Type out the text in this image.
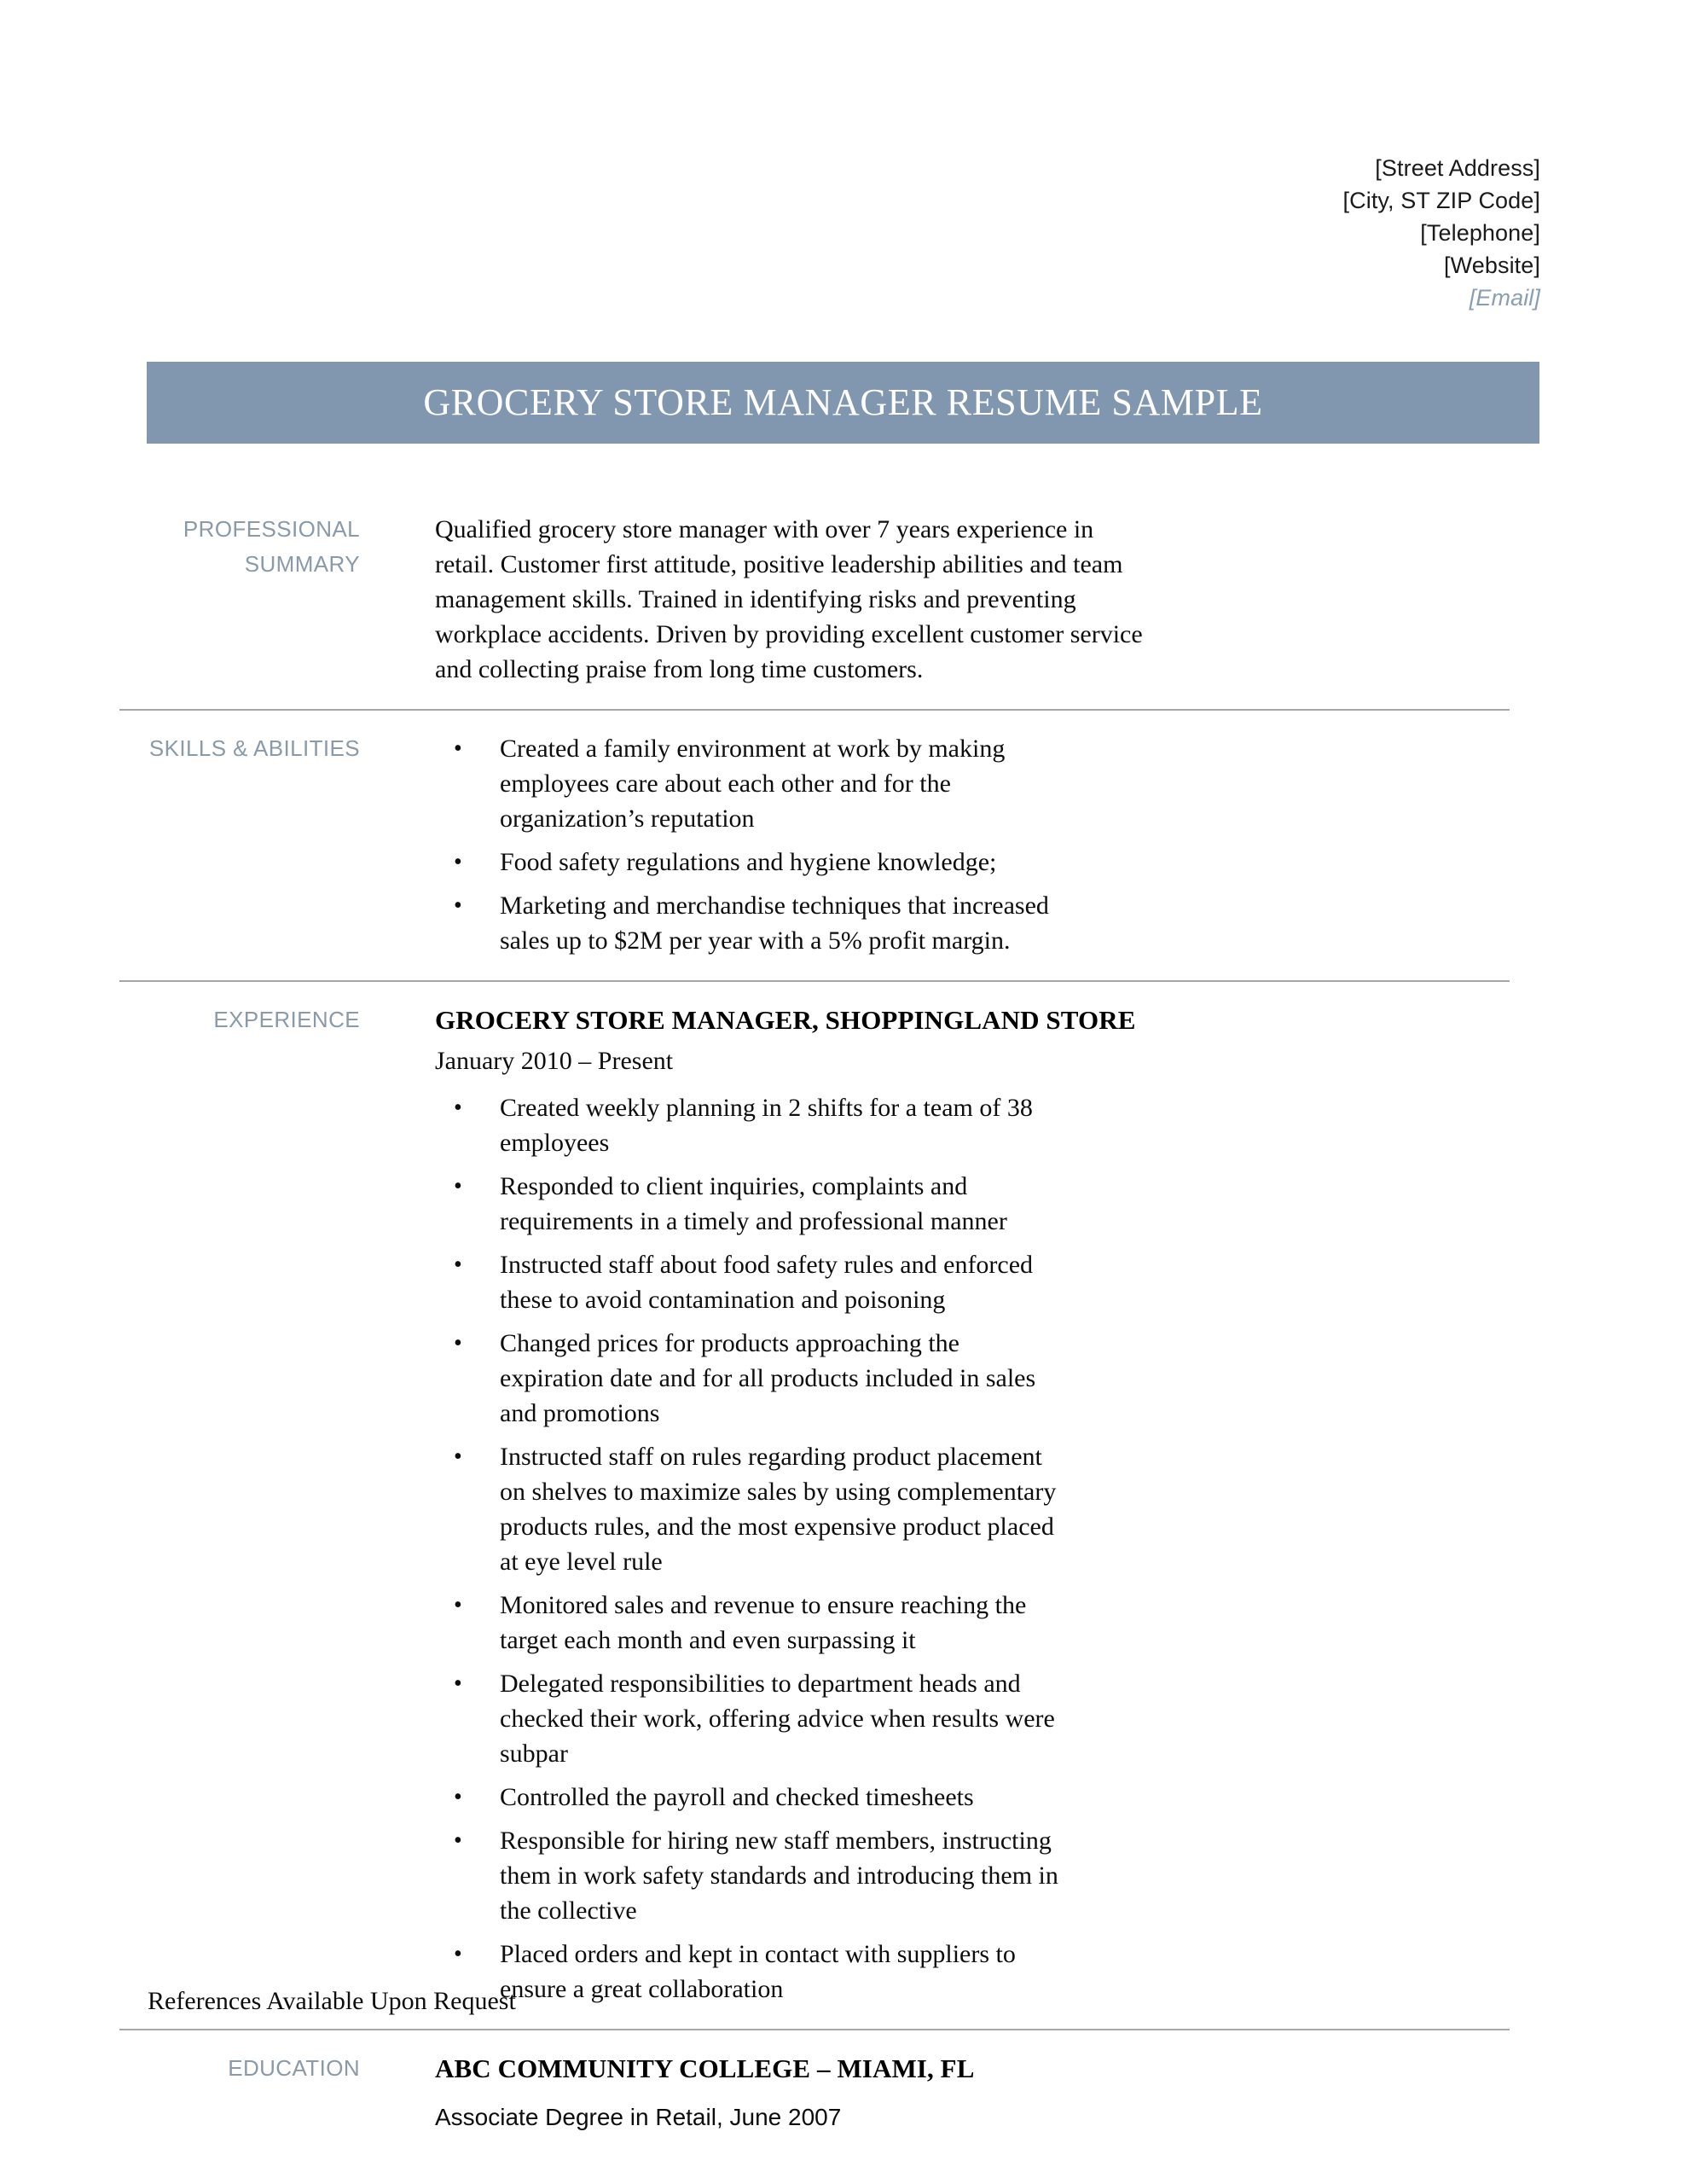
[Street Address]
[City, ST ZIP Code]
[Telephone]
[Website]
[Email]
GROCERY STORE MANAGER RESUME SAMPLE
PROFESSIONAL
SUMMARY

Qualified grocery store manager with over 7 years experience in retail. Customer first attitude, positive leadership abilities and team management skills. Trained in identifying risks and preventing workplace accidents. Driven by providing excellent customer service and collecting praise from long time customers.

SKILLS & ABILITIES	• Created a family environment at work by making employees care about each other and for the organization’s reputation
• Food safety regulations and hygiene knowledge;
• Marketing and merchandise techniques that increased sales up to $2M per year with a 5% profit margin.
EXPERIENCE	GROCERY STORE MANAGER, SHOPPINGLAND STORE

January 2010 – Present

• Created weekly planning in 2 shifts for a team of 38 employees
• Responded to client inquiries, complaints and requirements in a timely and professional manner
• Instructed staff about food safety rules and enforced these to avoid contamination and poisoning
• Changed prices for products approaching the expiration date and for all products included in sales and promotions
• Instructed staff on rules regarding product placement on shelves to maximize sales by using complementary products rules, and the most expensive product placed at eye level rule
• Monitored sales and revenue to ensure reaching the target each month and even surpassing it
• Delegated responsibilities to department heads and checked their work, offering advice when results were subpar
• Controlled the payroll and checked timesheets
• Responsible for hiring new staff members, instructing them in work safety standards and introducing them in the collective
• Placed orders and kept in contact with suppliers to ensure a great collaboration
EDUCATION	ABC COMMUNITY COLLEGE – MIAMI, FL

Associate Degree in Retail, June 2007

References Available Upon Request
